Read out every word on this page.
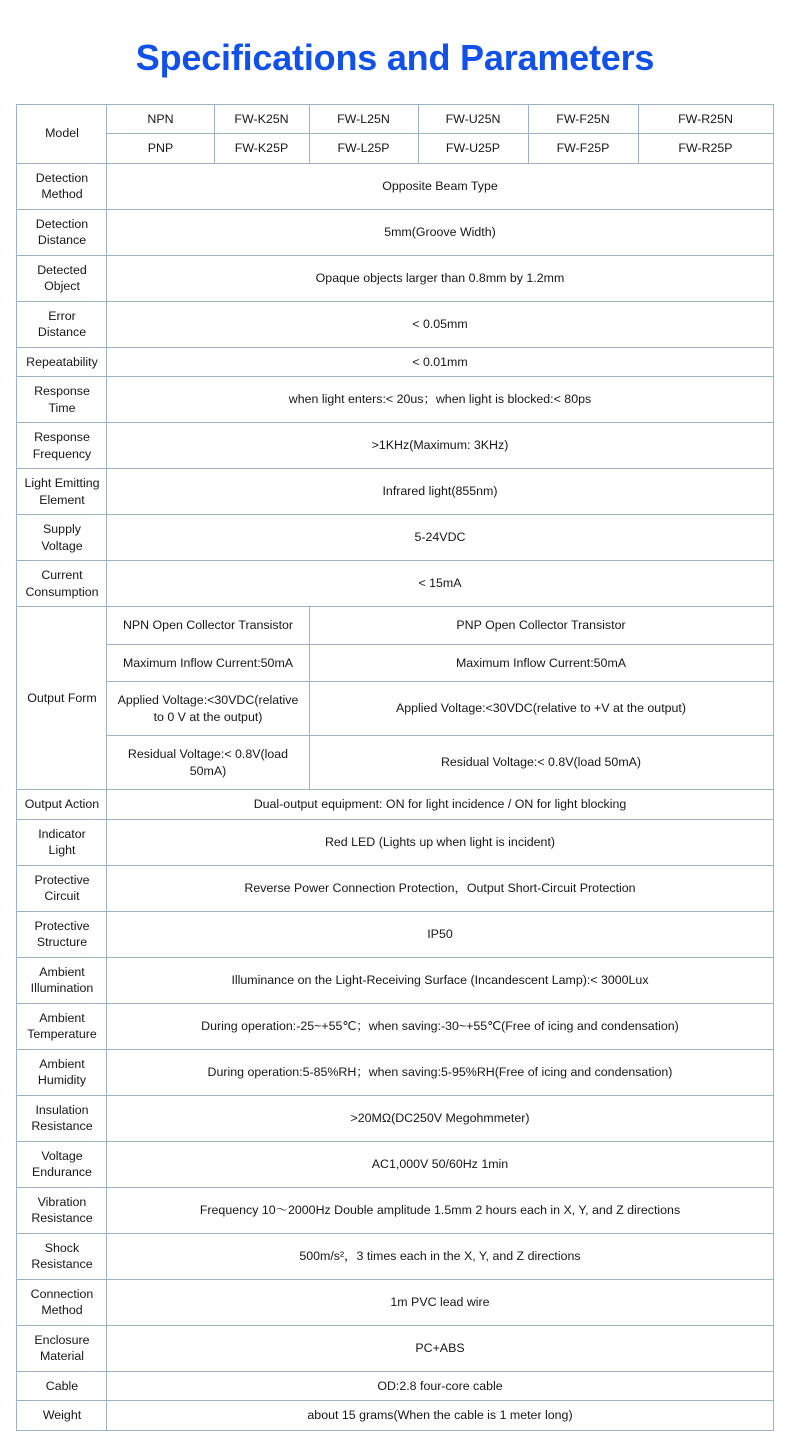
Specifications and Parameters
Model	NPN	FW-K25N	FW-L25N	FW-U25N	FW-F25N	FW-R25N
	PNP	FW-K25P	FW-L25P	FW-U25P	FW-F25P	FW-R25P
Detection Method	Opposite Beam Type					
Detection Distance	5mm(Groove Width)					
Detected Object	Opaque objects larger than 0.8mm by 1.2mm					
Error Distance	< 0.05mm					
Repeatability	< 0.01mm					
Response Time	when light enters:< 20us；when light is blocked:< 80ps					
Response Frequency	>1KHz(Maximum: 3KHz)					
Light Emitting Element	Infrared light(855nm)					
Supply Voltage	5-24VDC					
Current Consumption	< 15mA					
Output Form	NPN Open Collector Transistor		PNP Open Collector Transistor			
	Maximum Inflow Current:50mA		Maximum Inflow Current:50mA			
	Applied Voltage:<30VDC(relative to 0 V at the output)		Applied Voltage:<30VDC(relative to +V at the output)			
	Residual Voltage:< 0.8V(load 50mA)		Residual Voltage:< 0.8V(load 50mA)			
Output Action	Dual-output equipment: ON for light incidence / ON for light blocking					
Indicator Light	Red LED (Lights up when light is incident)					
Protective Circuit	Reverse Power Connection Protection，Output Short-Circuit Protection					
Protective Structure	IP50					
Ambient Illumination	Illuminance on the Light-Receiving Surface (Incandescent Lamp):< 3000Lux					
Ambient Temperature	During operation:-25~+55℃；when saving:-30~+55℃(Free of icing and condensation)					
Ambient Humidity	During operation:5-85%RH；when saving:5-95%RH(Free of icing and condensation)					
Insulation Resistance	>20MΩ(DC250V Megohmmeter)					
Voltage Endurance	AC1,000V 50/60Hz 1min					
Vibration Resistance	Frequency 10～2000Hz Double amplitude 1.5mm 2 hours each in X, Y, and Z directions					
Shock Resistance	500m/s²，3 times each in the X, Y, and Z directions					
Connection Method	1m PVC lead wire					
Enclosure Material	PC+ABS					
Cable	OD:2.8 four-core cable					
Weight	about 15 grams(When the cable is 1 meter long)					
